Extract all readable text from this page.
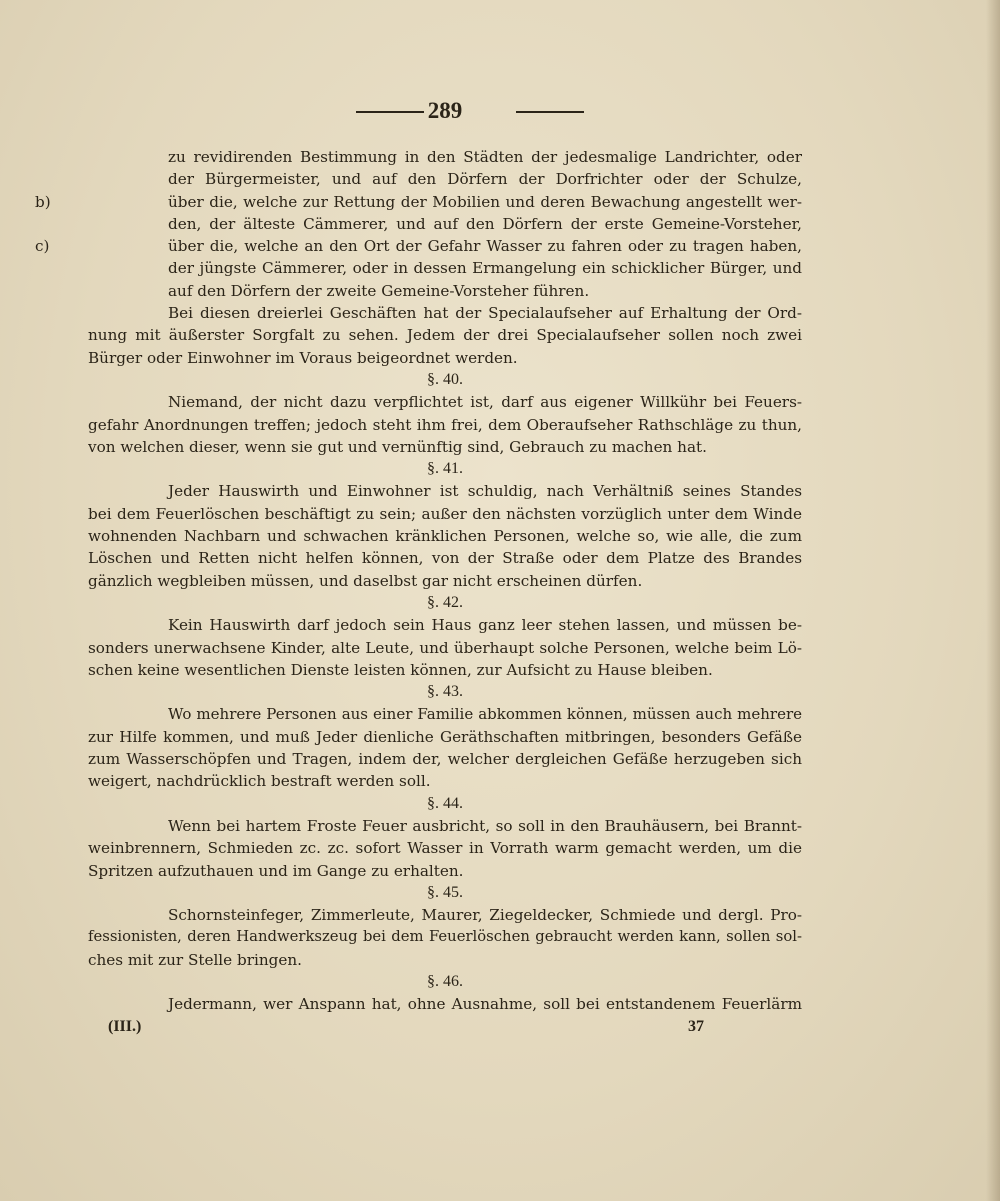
289
zu revidirenden Bestimmung in den Städten der jedesmalige Landrichter, oder
der Bürgermeister, und auf den Dörfern der Dorfrichter oder der Schulze,
b)	über die, welche zur Rettung der Mobilien und deren Bewachung angestellt wer-
den, der älteste Cämmerer, und auf den Dörfern der erste Gemeine-Vorsteher,
c)	über die, welche an den Ort der Gefahr Wasser zu fahren oder zu tragen haben,
der jüngste Cämmerer, oder in dessen Ermangelung ein schicklicher Bürger, und
auf den Dörfern der zweite Gemeine-Vorsteher führen.
Bei diesen dreierlei Geschäften hat der Specialaufseher auf Erhaltung der Ord-
nung mit äußerster Sorgfalt zu sehen. Jedem der drei Specialaufseher sollen noch zwei
Bürger oder Einwohner im Voraus beigeordnet werden.
§. 40.
Niemand, der nicht dazu verpflichtet ist, darf aus eigener Willkühr bei Feuers-
gefahr Anordnungen treffen; jedoch steht ihm frei, dem Oberaufseher Rathschläge zu thun,
von welchen dieser, wenn sie gut und vernünftig sind, Gebrauch zu machen hat.
§. 41.
Jeder Hauswirth und Einwohner ist schuldig, nach Verhältniß seines Standes
bei dem Feuerlöschen beschäftigt zu sein; außer den nächsten vorzüglich unter dem Winde
wohnenden Nachbarn und schwachen kränklichen Personen, welche so, wie alle, die zum
Löschen und Retten nicht helfen können, von der Straße oder dem Platze des Brandes
gänzlich wegbleiben müssen, und daselbst gar nicht erscheinen dürfen.
§. 42.
Kein Hauswirth darf jedoch sein Haus ganz leer stehen lassen, und müssen be-
sonders unerwachsene Kinder, alte Leute, und überhaupt solche Personen, welche beim Lö-
schen keine wesentlichen Dienste leisten können, zur Aufsicht zu Hause bleiben.
§. 43.
Wo mehrere Personen aus einer Familie abkommen können, müssen auch mehrere
zur Hilfe kommen, und muß Jeder dienliche Geräthschaften mitbringen, besonders Gefäße
zum Wasserschöpfen und Tragen, indem der, welcher dergleichen Gefäße herzugeben sich
weigert, nachdrücklich bestraft werden soll.
§. 44.
Wenn bei hartem Froste Feuer ausbricht, so soll in den Brauhäusern, bei Brannt-
weinbrennern, Schmieden zc. zc. sofort Wasser in Vorrath warm gemacht werden, um die
Spritzen aufzuthauen und im Gange zu erhalten.
§. 45.
Schornsteinfeger, Zimmerleute, Maurer, Ziegeldecker, Schmiede und dergl. Pro-
fessionisten, deren Handwerkszeug bei dem Feuerlöschen gebraucht werden kann, sollen sol-
ches mit zur Stelle bringen.
§. 46.
Jedermann, wer Anspann hat, ohne Ausnahme, soll bei entstandenem Feuerlärm
(III.)	37
